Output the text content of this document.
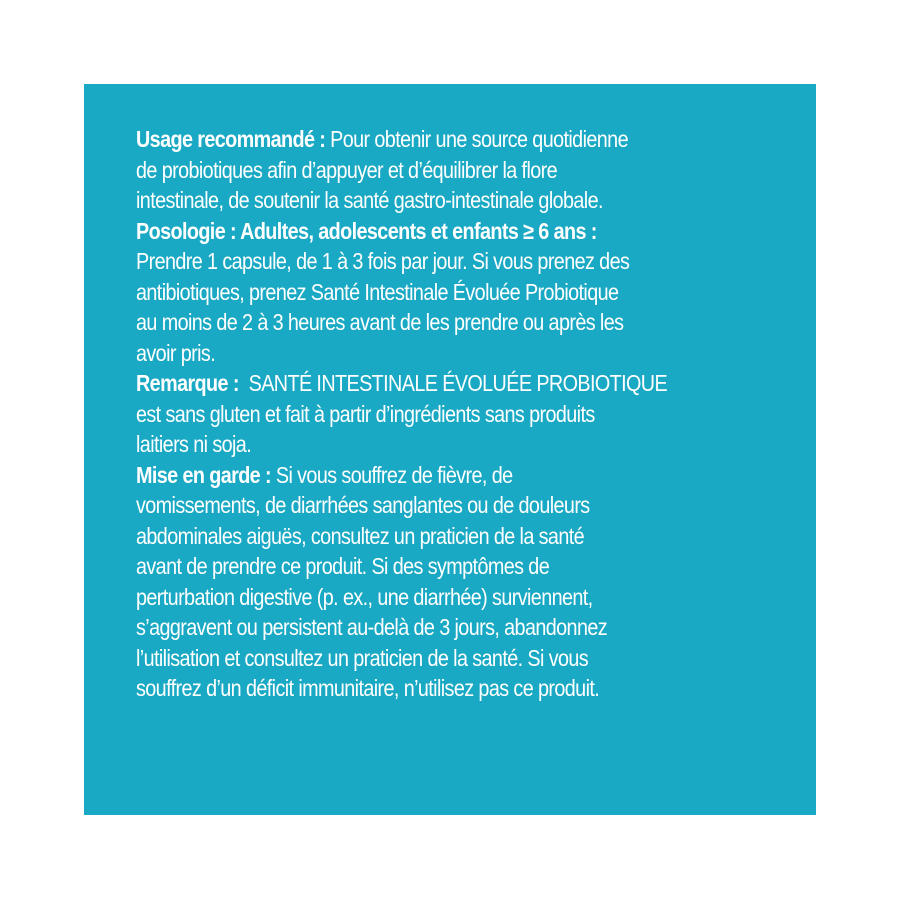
Usage recommandé : Pour obtenir une source quotidienne
de probiotiques afin d’appuyer et d’équilibrer la flore
intestinale, de soutenir la santé gastro-intestinale globale.
Posologie : Adultes, adolescents et enfants ≥ 6 ans :
Prendre 1 capsule, de 1 à 3 fois par jour. Si vous prenez des
antibiotiques, prenez Santé Intestinale Évoluée Probiotique
au moins de 2 à 3 heures avant de les prendre ou après les
avoir pris.
Remarque :  SANTÉ INTESTINALE ÉVOLUÉE PROBIOTIQUE
est sans gluten et fait à partir d’ingrédients sans produits
laitiers ni soja.
Mise en garde : Si vous souffrez de fièvre, de
vomissements, de diarrhées sanglantes ou de douleurs
abdominales aiguës, consultez un praticien de la santé
avant de prendre ce produit. Si des symptômes de
perturbation digestive (p. ex., une diarrhée) surviennent,
s’aggravent ou persistent au-delà de 3 jours, abandonnez
l’utilisation et consultez un praticien de la santé. Si vous
souffrez d’un déficit immunitaire, n’utilisez pas ce produit.
